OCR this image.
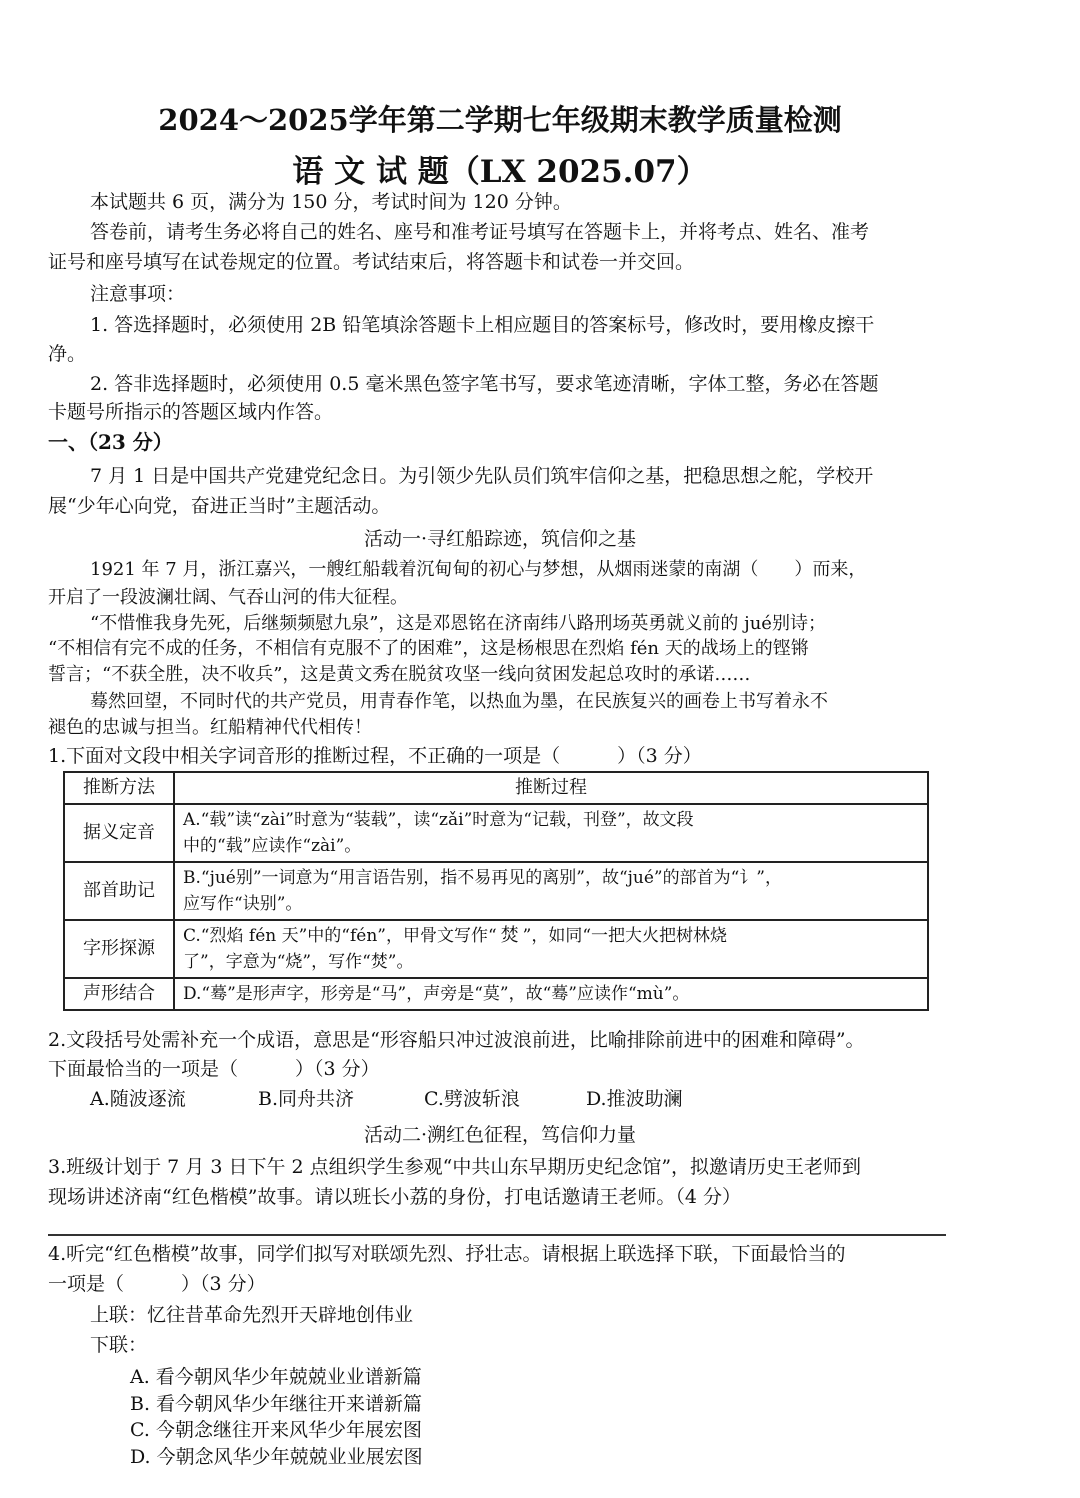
2024～2025学年第二学期七年级期末教学质量检测
语 文 试 题（LX 2025.07）
本试题共 6 页，满分为 150 分，考试时间为 120 分钟。
答卷前，请考生务必将自己的姓名、座号和准考证号填写在答题卡上，并将考点、姓名、准考
证号和座号填写在试卷规定的位置。考试结束后，将答题卡和试卷一并交回。
注意事项：
1. 答选择题时，必须使用 2B 铅笔填涂答题卡上相应题目的答案标号，修改时，要用橡皮擦干
净。
2. 答非选择题时，必须使用 0.5 毫米黑色签字笔书写，要求笔迹清晰，字体工整，务必在答题
卡题号所指示的答题区域内作答。
一、（23 分）
7 月 1 日是中国共产党建党纪念日。为引领少先队员们筑牢信仰之基，把稳思想之舵，学校开
展“少年心向党，奋进正当时”主题活动。
活动一·寻红船踪迹，筑信仰之基
1921 年 7 月，浙江嘉兴，一艘红船载着沉甸甸的初心与梦想，从烟雨迷蒙的南湖（　　）而来，
开启了一段波澜壮阔、气吞山河的伟大征程。
“不惜惟我身先死，后继频频慰九泉”，这是邓恩铭在济南纬八路刑场英勇就义前的 jué别诗；
“不相信有完不成的任务，不相信有克服不了的困难”，这是杨根思在烈焰 fén 天的战场上的铿锵
誓言；“不获全胜，决不收兵”，这是黄文秀在脱贫攻坚一线向贫困发起总攻时的承诺……
蓦然回望，不同时代的共产党员，用青春作笔，以热血为墨，在民族复兴的画卷上书写着永不
褪色的忠诚与担当。红船精神代代相传！
1.下面对文段中相关字词音形的推断过程，不正确的一项是（　　　）（3 分）
推断方法	推断过程
据义定音	A.“载”读“zài”时意为“装载”，读“zǎi”时意为“记载，刊登”，故文段
中的“载”应读作“zài”。

部首助记	B.“jué别”一词意为“用言语告别，指不易再见的离别”，故“jué”的部首为“讠”，
应写作“诀别”。

字形探源	C.“烈焰 fén 天”中的“fén”，甲骨文写作“ 焚 ”，如同“一把大火把树林烧
了”，字意为“烧”，写作“焚”。

声形结合	D.“蓦”是形声字，形旁是“马”，声旁是“莫”，故“蓦”应读作“mù”。
2.文段括号处需补充一个成语，意思是“形容船只冲过波浪前进，比喻排除前进中的困难和障碍”。
下面最恰当的一项是（　　　）（3 分）
A.随波逐流	B.同舟共济	C.劈波斩浪	D.推波助澜
活动二·溯红色征程，笃信仰力量
3.班级计划于 7 月 3 日下午 2 点组织学生参观“中共山东早期历史纪念馆”，拟邀请历史王老师到
现场讲述济南“红色楷模”故事。请以班长小荔的身份，打电话邀请王老师。（4 分）
4.听完“红色楷模”故事，同学们拟写对联颂先烈、抒壮志。请根据上联选择下联，下面最恰当的
一项是（　　　）（3 分）
上联：忆往昔革命先烈开天辟地创伟业
下联：
A. 看今朝风华少年兢兢业业谱新篇
B. 看今朝风华少年继往开来谱新篇
C. 今朝念继往开来风华少年展宏图
D. 今朝念风华少年兢兢业业展宏图
